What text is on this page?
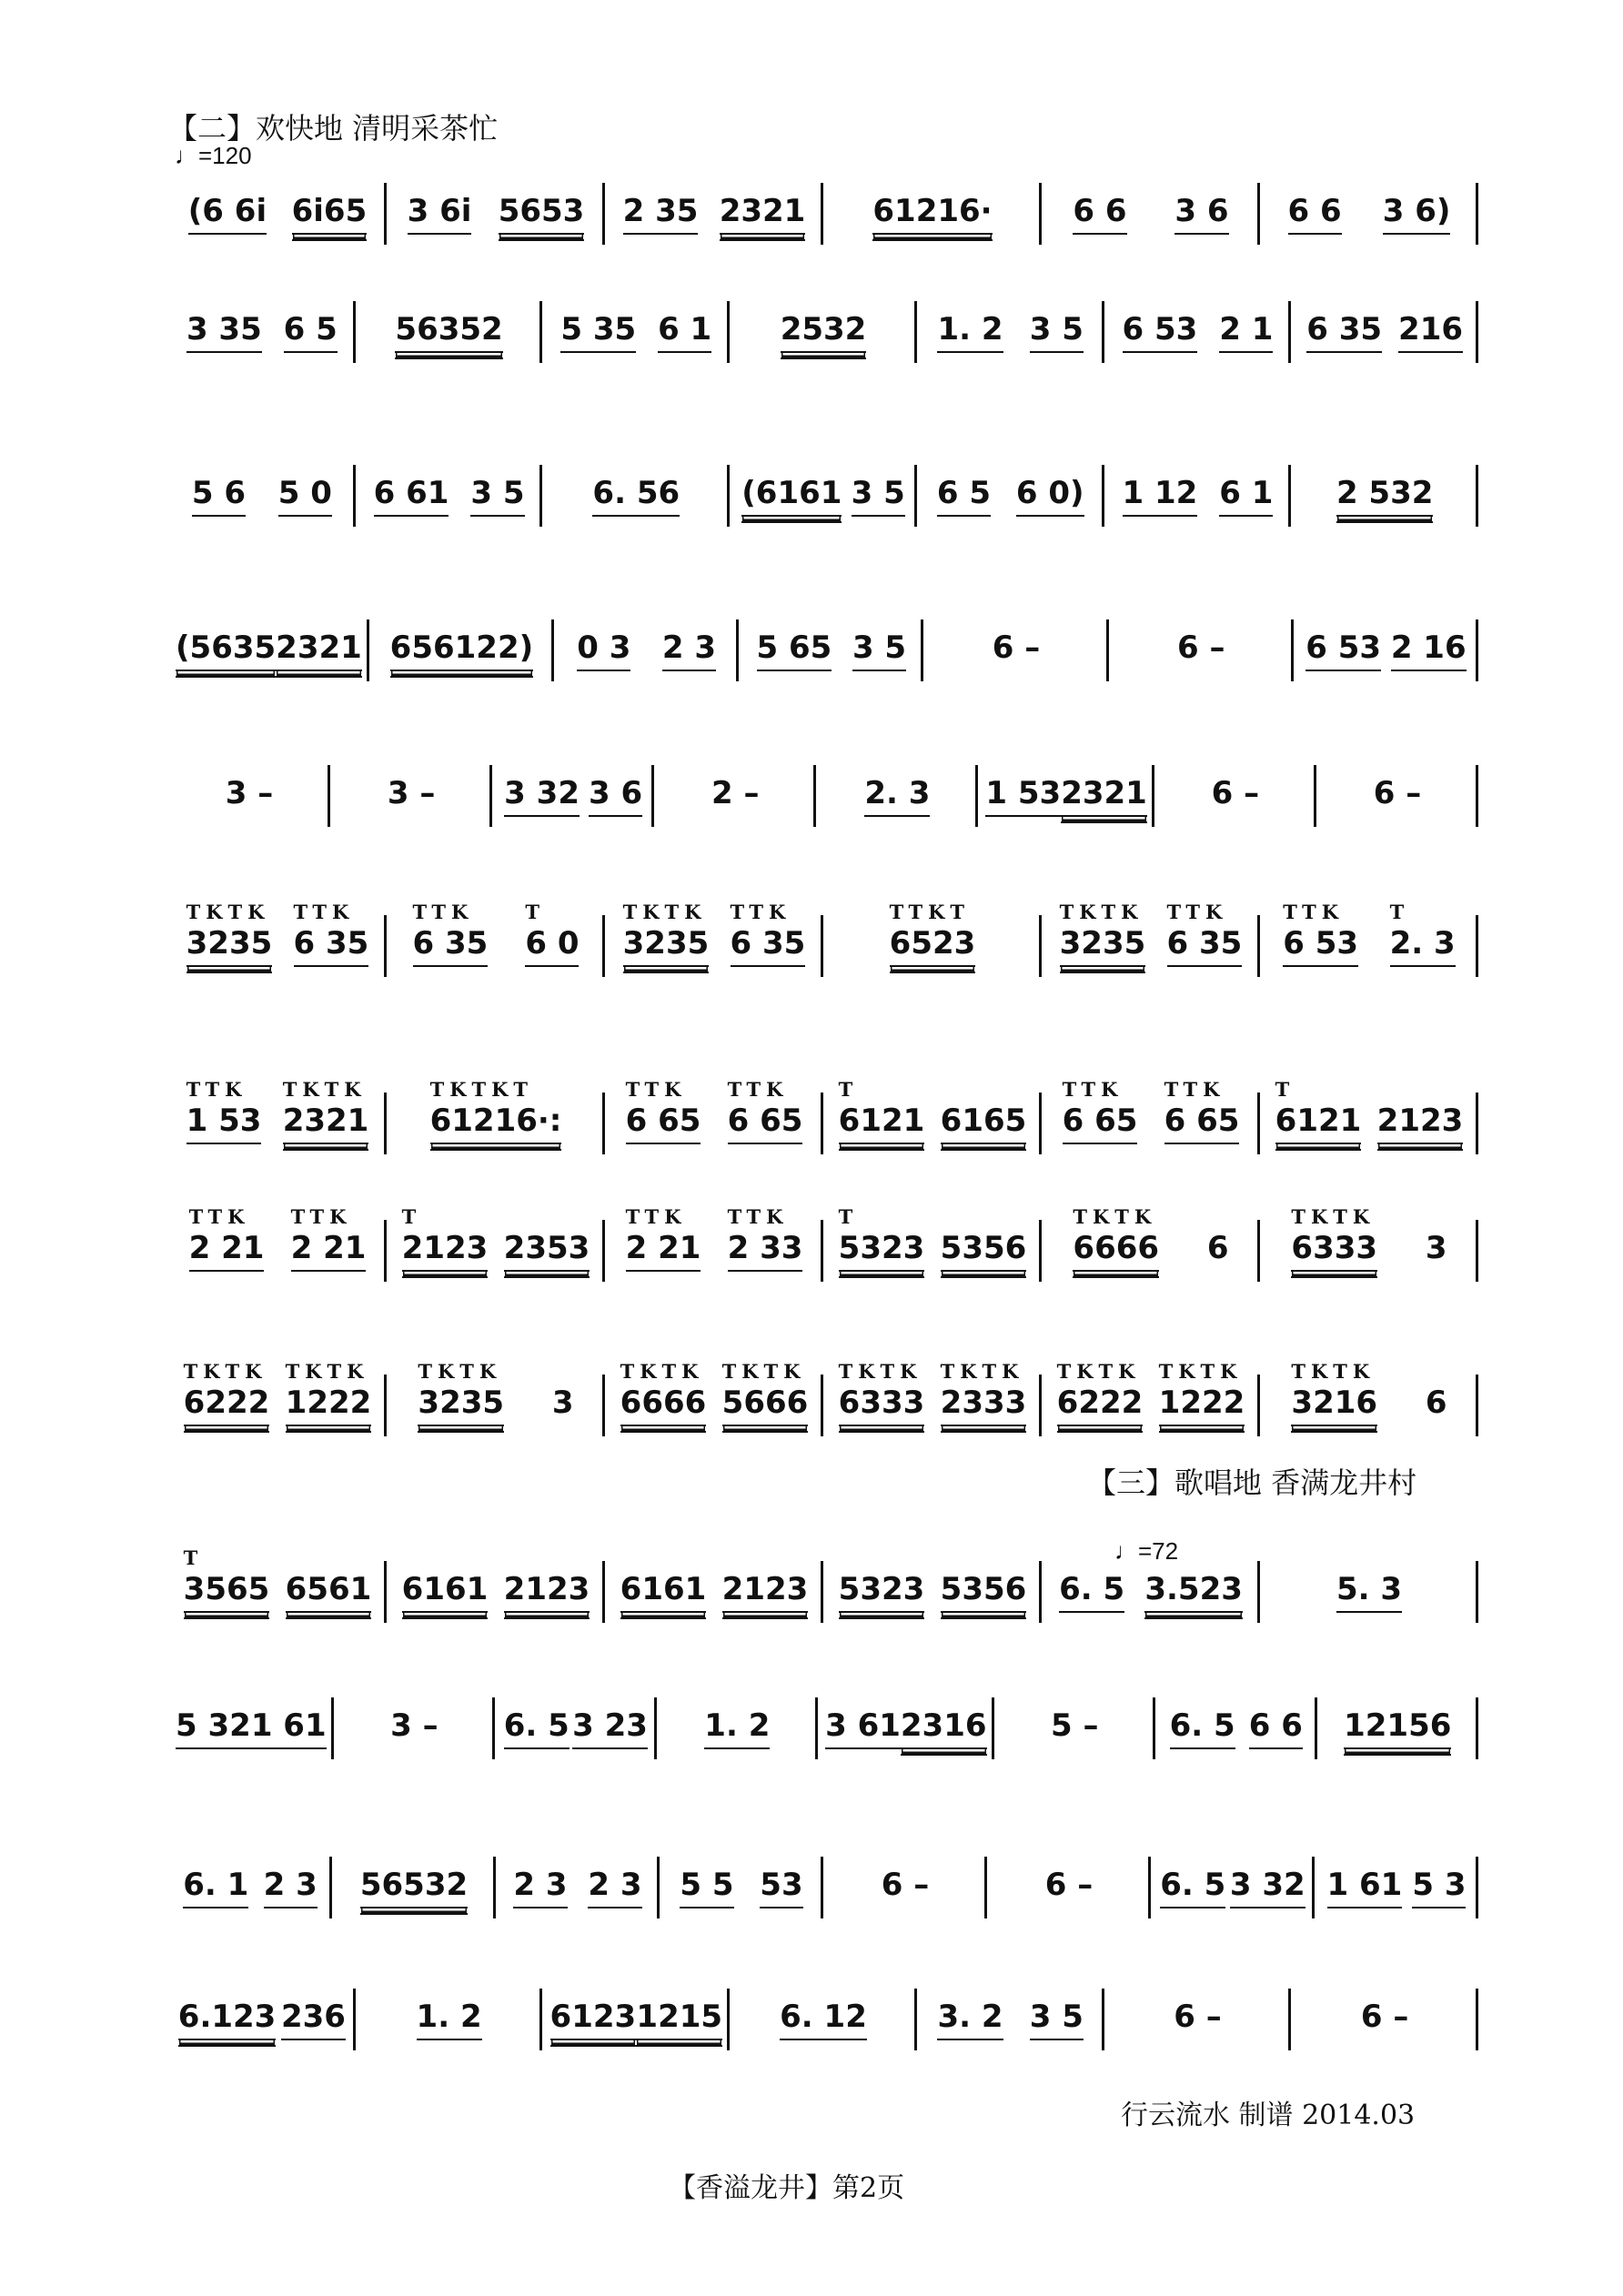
【二】欢快地 清明采茶忙
♩=120
【三】歌唱地 香满龙井村
♩=72
(6 6i 6i65 3 6i 5653 2 35 2321 61216·	6 6 3 6 6 6 3 6)
3 35 6 5 56352 5 35 6 1 2532 1. 2 3 5 6 53 2 1 6 35 216
5 6 5 0 6 61 3 5 6. 56 (6161 3 5 6 5 6 0) 1 12 6 1 2 532
(5635 2321 656122) 0 3 2 3 5 65 3 5	6 –	6 –	6 53 2 16
3 –	3 – 3 32 3 6 2 –	2. 3 1 53 2321 6 –	6 –
3235
TKTK
6 35
TTK
6 35
TTK
6 0
T
3235
TKTK
6 35
TTK
6523
TTKT
3235
TKTK
6 35
TTK
6 53
TTK
2. 3
T
1 53
TTK
2321
TKTK
61216·:
TKTKT
6 65
TTK
6 65
TTK
6121
T
6165 6 65
TTK
6 65
TTK
6121
T
2123
2 21
TTK
2 21
TTK
2123
T
2353 2 21
TTK
2 33
TTK
5323
T
5356 6666
TKTK
6 6333
TKTK
3
6222
TKTK
1222
TKTK
3235
TKTK
3 6666
TKTK
5666
TKTK
6333
TKTK
2333
TKTK
6222
TKTK
1222
TKTK
3216
TKTK
6
3565
T
6561 6161 2123 6161 2123 5323 5356 6. 5 3.523	5. 3
5 32 1 61 3 – 6. 5 3 23 1. 2 3 61 2316 5 – 6. 5 6 6 12156
6. 1 2 3 56532 2 3 2 3 5 5 53	6 –	6 – 6. 5 3 32 1 61 5 3
6.123 236 1. 2 6123 1215 6. 12 3. 2 3 5	6 –	6 –
行云流水 制谱 2014.03
【香溢龙井】第2页
